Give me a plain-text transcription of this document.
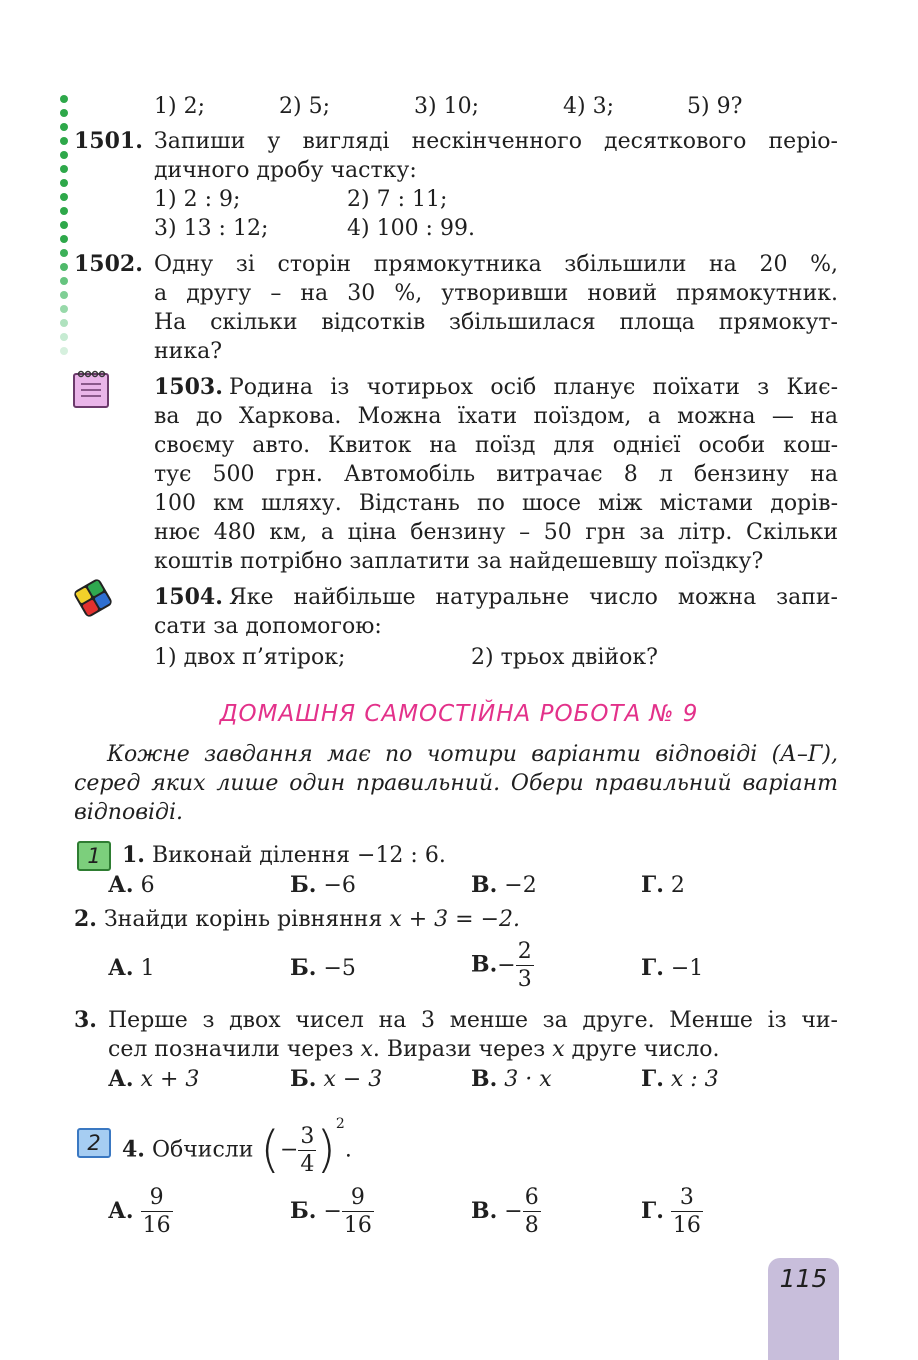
1) 2;	2) 5;	3) 10;	4) 3;	5) 9?
1501. Запиши у вигляді нескінченного десяткового періо-
дичного дробу частку:
1) 2 : 9;	2) 7 : 11;
3) 13 : 12;	4) 100 : 99.
1502. Одну зі сторін прямокутника збільшили на 20 %,
а другу – на 30 %, утворивши новий прямокутник.
На скільки відсотків збільшилася площа прямокут-
ника?
1503. Родина із чотирьох осіб планує поїхати з Киє-
ва до Харкова. Можна їхати поїздом, а можна — на
своєму авто. Квиток на поїзд для однієї особи кош-
тує 500 грн. Автомобіль витрачає 8 л бензину на
100 км шляху. Відстань по шосе між містами дорів-
нює 480 км, а ціна бензину – 50 грн за літр. Скільки
коштів потрібно заплатити за найдешевшу поїздку?
1504. Яке найбільше натуральне число можна запи-
сати за допомогою:
1) двох п’ятірок;	2) трьох двійок?
ДОМАШНЯ САМОСТІЙНА РОБОТА № 9
Кожне завдання має по чотири варіанти відповіді (А–Г),
серед яких лише один правильний. Обери правильний варіант
відповіді.
1 1. Виконай ділення −12 : 6.
А. 6	Б. −6	В. −2	Г. 2
2. Знайди корінь рівняння x + 3 = −2.
А. 1	Б. −5	$В.- \frac{2}{3}$	Г. −1
3. Перше з двох чисел на 3 менше за друге. Менше із чи-
сел позначили через x. Вирази через x друге число.
А. x + 3	Б. x − 3	В. 3 · x	Г. x : 3
2 4. Обчисли (− $\frac{3}{4} )^2$.
А. $\frac{9}{16}$	Б. − $\frac{9}{16}$	В. − $\frac{6}{8}$	Г. $\frac{3}{16}$
115
